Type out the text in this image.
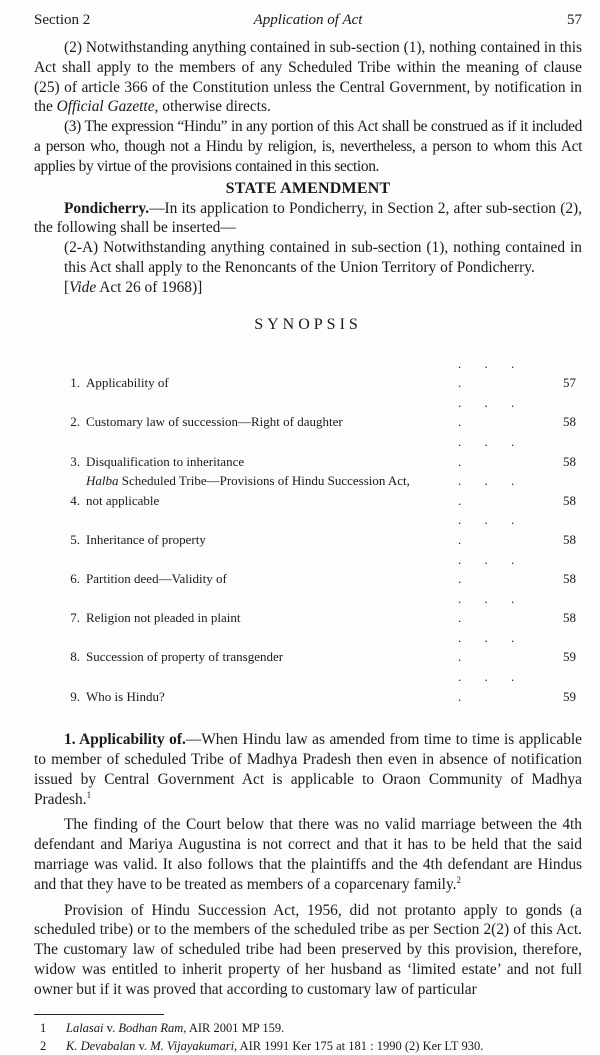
Section 2	Application of Act	57

(2) Notwithstanding anything contained in sub-section (1), nothing contained in this Act shall apply to the members of any Scheduled Tribe within the meaning of clause (25) of article 366 of the Constitution unless the Central Government, by notification in the Official Gazette, otherwise directs.

(3) The expression “Hindu” in any portion of this Act shall be construed as if it included a person who, though not a Hindu by religion, is, nevertheless, a person to whom this Act applies by virtue of the provisions contained in this section.

STATE AMENDMENT

Pondicherry.—In its application to Pondicherry, in Section 2, after sub-section (2), the following shall be inserted—

(2-A) Notwithstanding anything contained in sub-section (1), nothing contained in this Act shall apply to the Renoncants of the Union Territory of Pondicherry.
[Vide Act 26 of 1968)]

SYNOPSIS
1.	Applicability of	. . . .	57
2.	Customary law of succession—Right of daughter	. . . .	58
3.	Disqualification to inheritance	. . . .	58
4.	Halba Scheduled Tribe—Provisions of Hindu Succession Act,
not applicable	. . . .	58
5.	Inheritance of property	. . . .	58
6.	Partition deed—Validity of	. . . .	58
7.	Religion not pleaded in plaint	. . . .	58
8.	Succession of property of transgender	. . . .	59
9.	Who is Hindu?	. . . .	59

1. Applicability of.—When Hindu law as amended from time to time is applicable to member of scheduled Tribe of Madhya Pradesh then even in absence of notification issued by Central Government Act is applicable to Oraon Community of Madhya Pradesh.$^1$

The finding of the Court below that there was no valid marriage between the 4th defendant and Mariya Augustina is not correct and that it has to be held that the said marriage was valid. It also follows that the plaintiffs and the 4th defendant are Hindus and that they have to be treated as members of a coparcenary family.$^2$

Provision of Hindu Succession Act, 1956, did not protanto apply to gonds (a scheduled tribe) or to the members of the scheduled tribe as per Section 2(2) of this Act. The customary law of scheduled tribe had been preserved by this provision, therefore, widow was entitled to inherit property of her husband as ‘limited estate’ and not full owner but if it was proved that according to customary law of particular

1 Lalasai v. Bodhan Ram, AIR 2001 MP 159.
2 K. Devabalan v. M. Vijayakumari, AIR 1991 Ker 175 at 181 : 1990 (2) Ker LT 930.
